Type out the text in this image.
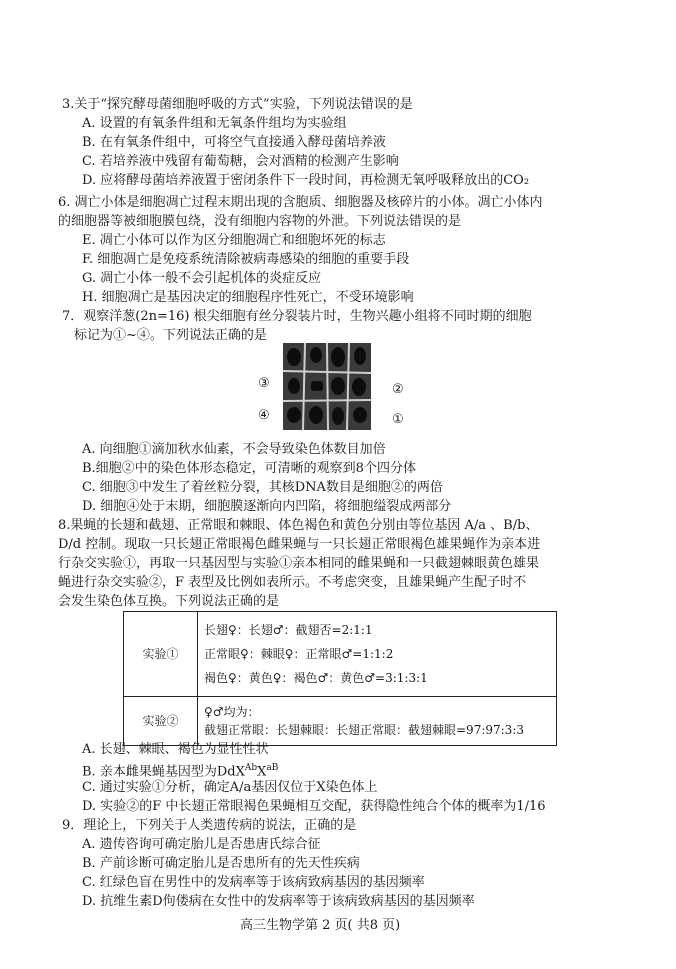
3.关于“探究酵母菌细胞呼吸的方式”实验，下列说法错误的是
A. 设置的有氧条件组和无氧条件组均为实验组
B. 在有氧条件组中，可将空气直接通入酵母菌培养液
C. 若培养液中残留有葡萄糖，会对酒精的检测产生影响
D. 应将酵母菌培养液置于密闭条件下一段时间，再检测无氧呼吸释放出的CO₂
6. 凋亡小体是细胞凋亡过程末期出现的含胞质、细胞器及核碎片的小体。凋亡小体内
的细胞器等被细胞膜包绕，没有细胞内容物的外泄。下列说法错误的是
E. 凋亡小体可以作为区分细胞凋亡和细胞坏死的标志
F. 细胞凋亡是免疫系统清除被病毒感染的细胞的重要手段
G. 凋亡小体一般不会引起机体的炎症反应
H. 细胞凋亡是基因决定的细胞程序性死亡，不受环境影响
7．观察洋葱(2n=16) 根尖细胞有丝分裂装片时，生物兴趣小组将不同时期的细胞
标记为①~④。下列说法正确的是
③	②
④	①
A. 向细胞①滴加秋水仙素，不会导致染色体数目加倍
B.细胞②中的染色体形态稳定，可清晰的观察到8个四分体
C. 细胞③中发生了着丝粒分裂，其核DNA数目是细胞②的两倍
D. 细胞④处于末期，细胞膜逐渐向内凹陷，将细胞缢裂成两部分
8.果蝇的长翅和截翅、正常眼和棘眼、体色褐色和黄色分别由等位基因 A/a 、B/b、
D/d 控制。现取一只长翅正常眼褐色雌果蝇与一只长翅正常眼褐色雄果蝇作为亲本进
行杂交实验①，再取一只基因型与实验①亲本相同的雌果蝇和一只截翅棘眼黄色雄果
蝇进行杂交实验②，F 表型及比例如表所示。不考虑突变，且雄果蝇产生配子时不
会发生染色体互换。下列说法正确的是
实验①	长翅♀：长翅♂：截翅否=2:1:1
正常眼♀：棘眼♀：正常眼♂=1:1:2
褐色♀：黄色♀：褐色♂：黄色♂=3:1:3:1

实验②	♀♂均为：
截翅正常眼：长翅棘眼：长翅正常眼：截翅棘眼=97:97:3:3
A. 长翅、棘眼、褐色为显性性状
B. 亲本雌果蝇基因型为$DdX^{Ab}X^{aB}$
C. 通过实验①分析，确定A/a基因仅位于X染色体上
D. 实验②的F 中长翅正常眼褐色果蝇相互交配，获得隐性纯合个体的概率为1/16
9．理论上，下列关于人类遗传病的说法，正确的是
A. 遗传咨询可确定胎儿是否患唐氏综合征
B. 产前诊断可确定胎儿是否患所有的先天性疾病
C. 红绿色盲在男性中的发病率等于该病致病基因的基因频率
D. 抗维生素D佝偻病在女性中的发病率等于该病致病基因的基因频率
高三生物学第 2 页( 共8 页)
